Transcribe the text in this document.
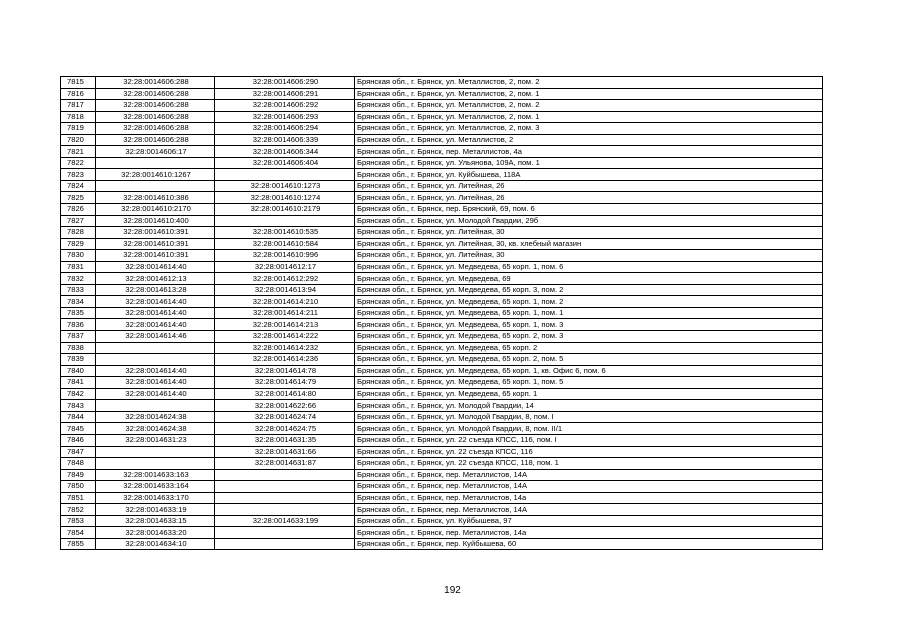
7815	32:28:0014606:288	32:28:0014606:290	Брянская обл., г. Брянск, ул. Металлистов, 2, пом. 2
7816	32:28:0014606:288	32:28:0014606:291	Брянская обл., г. Брянск, ул. Металлистов, 2, пом. 1
7817	32:28:0014606:288	32:28:0014606:292	Брянская обл., г. Брянск, ул. Металлистов, 2, пом. 2
7818	32:28:0014606:288	32:28:0014606:293	Брянская обл., г. Брянск, ул. Металлистов, 2, пом. 1
7819	32:28:0014606:288	32:28:0014606:294	Брянская обл., г. Брянск, ул. Металлистов, 2, пом. 3
7820	32:28:0014606:288	32:28:0014606:339	Брянская обл., г. Брянск, ул. Металлистов, 2
7821	32:28:0014606:17	32:28:0014606:344	Брянская обл., г. Брянск, пер. Металлистов, 4а
7822		32:28:0014606:404	Брянская обл., г. Брянск, ул. Ульянова, 109А, пом. 1
7823	32:28:0014610:1267		Брянская обл., г. Брянск, ул. Куйбышева, 118А
7824		32:28:0014610:1273	Брянская обл., г. Брянск, ул. Литейная, 26
7825	32:28:0014610:386	32:28:0014610:1274	Брянская обл., г. Брянск, ул. Литейная, 26
7826	32:28:0014610:2170	32:28:0014610:2179	Брянская обл., г. Брянск, пер. Брянский, 69, пом. 6
7827	32:28:0014610:400		Брянская обл., г. Брянск, ул. Молодой Гвардии, 29б
7828	32:28:0014610:391	32:28:0014610:535	Брянская обл., г. Брянск, ул. Литейная, 30
7829	32:28:0014610:391	32:28:0014610:584	Брянская обл., г. Брянск, ул. Литейная, 30, кв. хлебный магазин
7830	32:28:0014610:391	32:28:0014610:996	Брянская обл., г. Брянск, ул. Литейная, 30
7831	32:28:0014614:40	32:28:0014612:17	Брянская обл., г. Брянск, ул. Медведева, 65 корп. 1, пом. 6
7832	32:28:0014612:13	32:28:0014612:292	Брянская обл., г. Брянск, ул. Медведева, 69
7833	32:28:0014613:28	32:28:0014613:94	Брянская обл., г. Брянск, ул. Медведева, 65 корп. 3, пом. 2
7834	32:28:0014614:40	32:28:0014614:210	Брянская обл., г. Брянск, ул. Медведева, 65 корп. 1, пом. 2
7835	32:28:0014614:40	32:28:0014614:211	Брянская обл., г. Брянск, ул. Медведева, 65 корп. 1, пом. 1
7836	32:28:0014614:40	32:28:0014614:213	Брянская обл., г. Брянск, ул. Медведева, 65 корп. 1, пом. 3
7837	32:28:0014614:46	32:28:0014614:222	Брянская обл., г. Брянск, ул. Медведева, 65 корп. 2, пом. 3
7838		32:28:0014614:232	Брянская обл., г. Брянск, ул. Медведева, 65 корп. 2
7839		32:28:0014614:236	Брянская обл., г. Брянск, ул. Медведева, 65 корп. 2, пом. 5
7840	32:28:0014614:40	32:28:0014614:78	Брянская обл., г. Брянск, ул. Медведева, 65 корп. 1, кв. Офис 6, пом. 6
7841	32:28:0014614:40	32:28:0014614:79	Брянская обл., г. Брянск, ул. Медведева, 65 корп. 1, пом. 5
7842	32:28:0014614:40	32:28:0014614:80	Брянская обл., г. Брянск, ул. Медведева, 65 корп. 1
7843		32:28:0014622:66	Брянская обл., г. Брянск, ул. Молодой Гвардии, 14
7844	32:28:0014624:38	32:28:0014624:74	Брянская обл., г. Брянск, ул. Молодой Гвардии, 8, пом. I
7845	32:28:0014624:38	32:28:0014624:75	Брянская обл., г. Брянск, ул. Молодой Гвардии, 8, пом. II/1
7846	32:28:0014631:23	32:28:0014631:35	Брянская обл., г. Брянск, ул. 22 съезда КПСС, 116, пом. I
7847		32:28:0014631:66	Брянская обл., г. Брянск, ул. 22 съезда КПСС, 116
7848		32:28:0014631:87	Брянская обл., г. Брянск, ул. 22 съезда КПСС, 118, пом. 1
7849	32:28:0014633:163		Брянская обл., г. Брянск, пер. Металлистов, 14А
7850	32:28:0014633:164		Брянская обл., г. Брянск, пер. Металлистов, 14А
7851	32:28:0014633:170		Брянская обл., г. Брянск, пер. Металлистов, 14а
7852	32:28:0014633:19		Брянская обл., г. Брянск, пер. Металлистов, 14А
7853	32:28:0014633:15	32:28:0014633:199	Брянская обл., г. Брянск, ул. Куйбышева, 97
7854	32:28:0014633:20		Брянская обл., г. Брянск, пер. Металлистов, 14а
7855	32:28:0014634:10		Брянская обл., г. Брянск, пер. Куйбышева, 60
192
